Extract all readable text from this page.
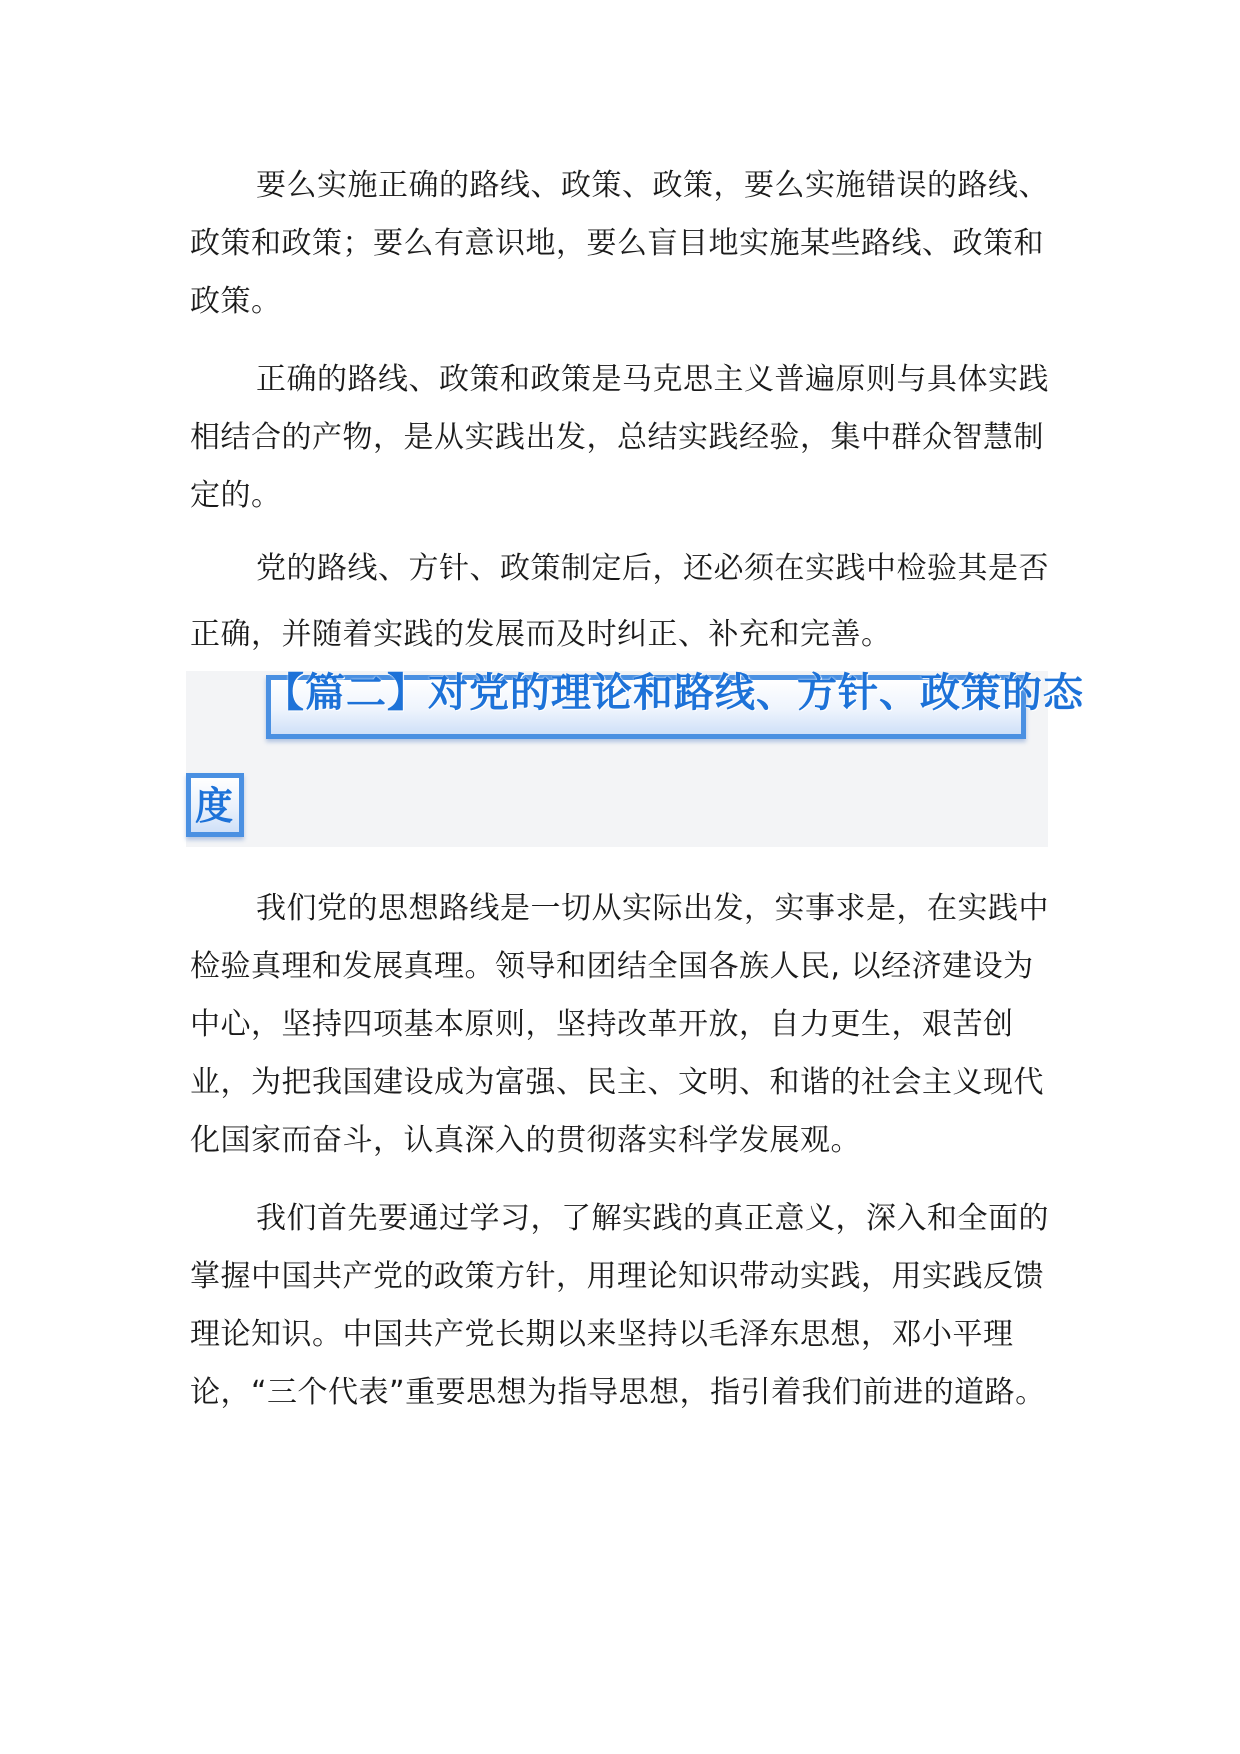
要么实施正确的路线、政策、政策，要么实施错误的路线、政策和政策；要么有意识地，要么盲目地实施某些路线、政策和政策。

正确的路线、政策和政策是马克思主义普遍原则与具体实践相结合的产物，是从实践出发，总结实践经验，集中群众智慧制定的。

党的路线、方针、政策制定后，还必须在实践中检验其是否正确，并随着实践的发展而及时纠正、补充和完善。

【篇二】对党的理论和路线、方针、政策的态
度

我们党的思想路线是一切从实际出发，实事求是，在实践中检验真理和发展真理。领导和团结全国各族人民, 以经济建设为中心，坚持四项基本原则，坚持改革开放，自力更生，艰苦创业，为把我国建设成为富强、民主、文明、和谐的社会主义现代化国家而奋斗，认真深入的贯彻落实科学发展观。

我们首先要通过学习，了解实践的真正意义，深入和全面的掌握中国共产党的政策方针，用理论知识带动实践，用实践反馈理论知识。中国共产党长期以来坚持以毛泽东思想，邓小平理论，“三个代表”重要思想为指导思想，指引着我们前进的道路。
